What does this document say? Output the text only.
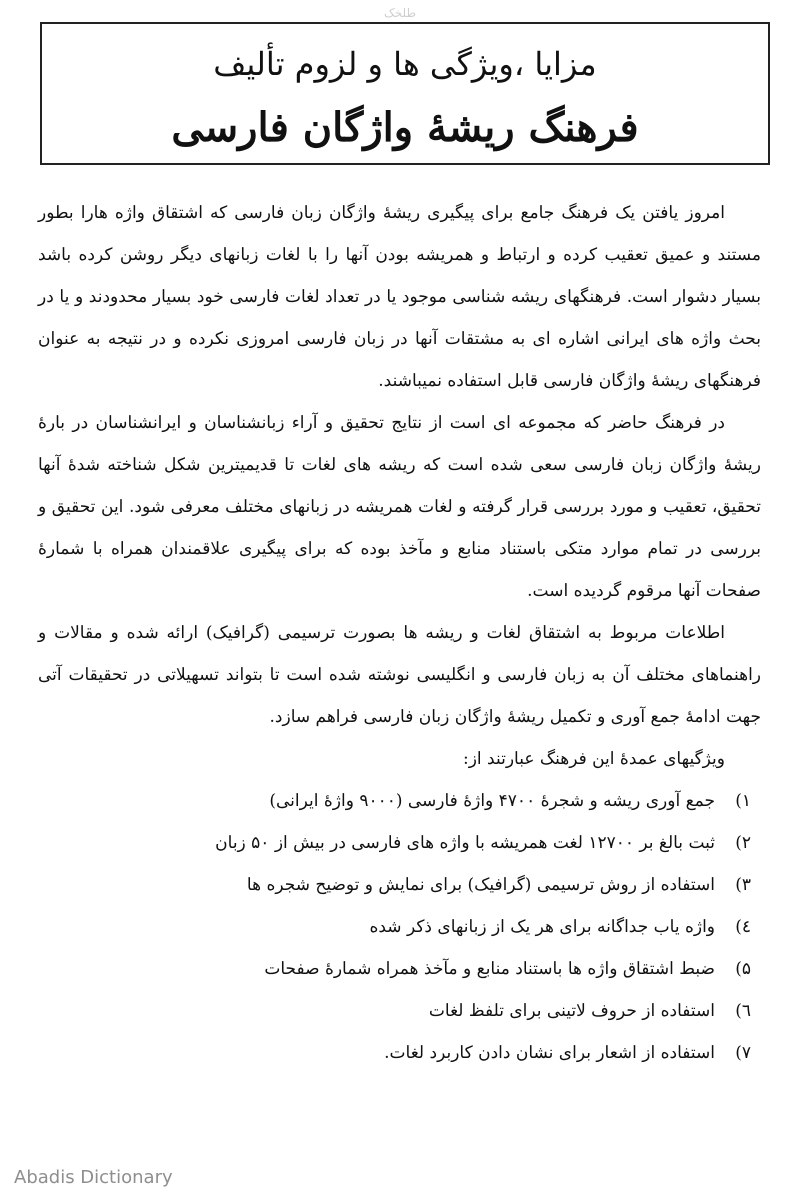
طلخک
مزایا ،ویژگی ها و لزوم تألیف
فرهنگ ریشهٔ واژگان فارسی

امروز یافتن یک فرهنگ جامع برای پیگیری ریشهٔ واژگان زبان فارسی که اشتقاق واژه هارا بطور مستند و عمیق تعقیب کرده و ارتباط و همریشه بودن آنها را با لغات زبانهای دیگر روشن کرده باشد بسیار دشوار است. فرهنگهای ریشه شناسی موجود یا در تعداد لغات فارسی خود بسیار محدودند و یا در بحث واژه های ایرانی اشاره ای به مشتقات آنها در زبان فارسی امروزی نکرده و در نتیجه به عنوان فرهنگهای ریشهٔ واژگان فارسی قابل استفاده نمیباشند.

در فرهنگ حاضر که مجموعه ای است از نتایج تحقیق و آراء زبانشناسان و ایرانشناسان در بارهٔ ریشهٔ واژگان زبان فارسی سعی شده است که ریشه های لغات تا قدیمیترین شکل شناخته شدهٔ آنها تحقیق، تعقیب و مورد بررسی قرار گرفته و لغات همریشه در زبانهای مختلف معرفی شود. این تحقیق و بررسی در تمام موارد متکی باستناد منابع و مآخذ بوده که برای پیگیری علاقمندان همراه با شمارهٔ صفحات آنها مرقوم گردیده است.

اطلاعات مربوط به اشتقاق لغات و ریشه ها بصورت ترسیمی (گرافیک) ارائه شده و مقالات و راهنماهای مختلف آن به زبان فارسی و انگلیسی نوشته شده است تا بتواند تسهیلاتی در تحقیقات آتی جهت ادامهٔ جمع آوری و تکمیل ریشهٔ واژگان زبان فارسی فراهم سازد.

ویژگیهای عمدهٔ این فرهنگ عبارتند از:
۱)
جمع آوری ریشه و شجرهٔ ۴۷۰۰ واژهٔ فارسی (۹۰۰۰ واژهٔ ایرانی)
۲)
ثبت بالغ بر ۱۲۷۰۰ لغت همریشه با واژه های فارسی در بیش از ۵۰ زبان
۳)
استفاده از روش ترسیمی (گرافیک) برای نمایش و توضیح شجره ها
٤)
واژه یاب جداگانه برای هر یک از زبانهای ذکر شده
۵)
ضبط اشتقاق واژه ها باستناد منابع و مآخذ همراه شمارهٔ صفحات
٦)
استفاده از حروف لاتینی برای تلفظ لغات
۷)
استفاده از اشعار برای نشان دادن کاربرد لغات.
Abadis Dictionary
